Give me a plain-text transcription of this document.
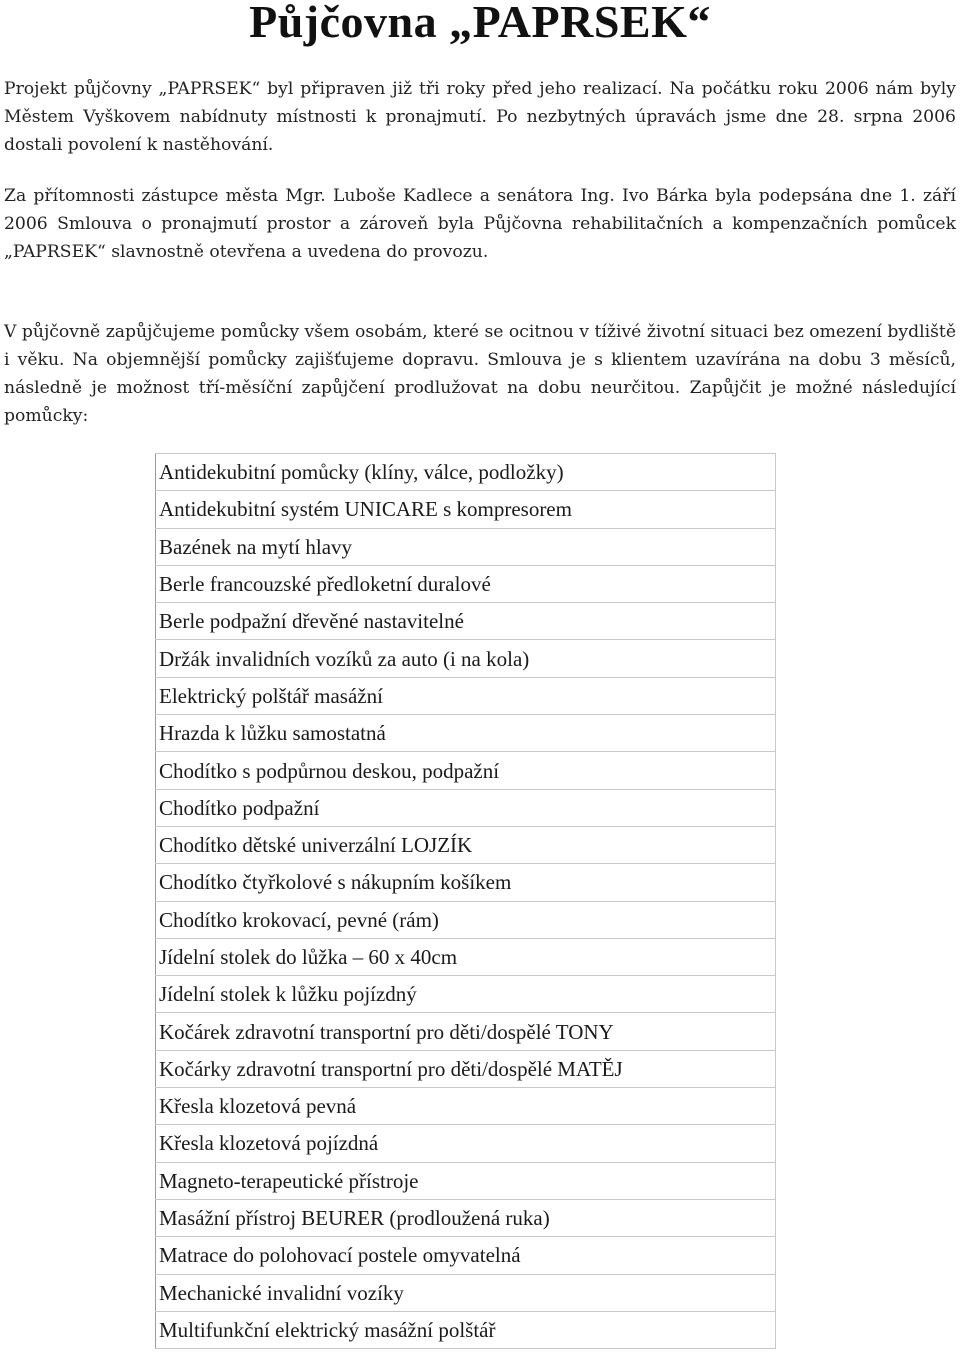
Půjčovna „PAPRSEK“

Projekt půjčovny „PAPRSEK“ byl připraven již tři roky před jeho realizací. Na počátku roku 2006 nám byly Městem Vyškovem nabídnuty místnosti k pronajmutí. Po nezbytných úpravách jsme dne 28. srpna 2006 dostali povolení k nastěhování.

Za přítomnosti zástupce města Mgr. Luboše Kadlece a senátora Ing. Ivo Bárka byla podepsána dne 1. září 2006 Smlouva o pronajmutí prostor a zároveň byla Půjčovna rehabilitačních a kompenzačních pomůcek „PAPRSEK“ slavnostně otevřena a uvedena do provozu.

V půjčovně zapůjčujeme pomůcky všem osobám, které se ocitnou v tíživé životní situaci bez omezení bydliště i věku. Na objemnější pomůcky zajišťujeme dopravu. Smlouva je s klientem uzavírána na dobu 3 měsíců, následně je možnost tří-měsíční zapůjčení prodlužovat na dobu neurčitou. Zapůjčit je možné následující pomůcky:

Antidekubitní pomůcky (klíny, válce, podložky)
Antidekubitní systém UNICARE s kompresorem
Bazének na mytí hlavy
Berle francouzské předloketní duralové
Berle podpažní dřevěné nastavitelné
Držák invalidních vozíků za auto (i na kola)
Elektrický polštář masážní
Hrazda k lůžku samostatná
Chodítko s podpůrnou deskou, podpažní
Chodítko podpažní
Chodítko dětské univerzální LOJZÍK
Chodítko čtyřkolové s nákupním košíkem
Chodítko krokovací, pevné (rám)
Jídelní stolek do lůžka – 60 x 40cm
Jídelní stolek k lůžku pojízdný
Kočárek zdravotní transportní pro děti/dospělé TONY
Kočárky zdravotní transportní pro děti/dospělé MATĚJ
Křesla klozetová pevná
Křesla klozetová pojízdná
Magneto-terapeutické přístroje
Masážní přístroj BEURER (prodloužená ruka)
Matrace do polohovací postele omyvatelná
Mechanické invalidní vozíky
Multifunkční elektrický masážní polštář
